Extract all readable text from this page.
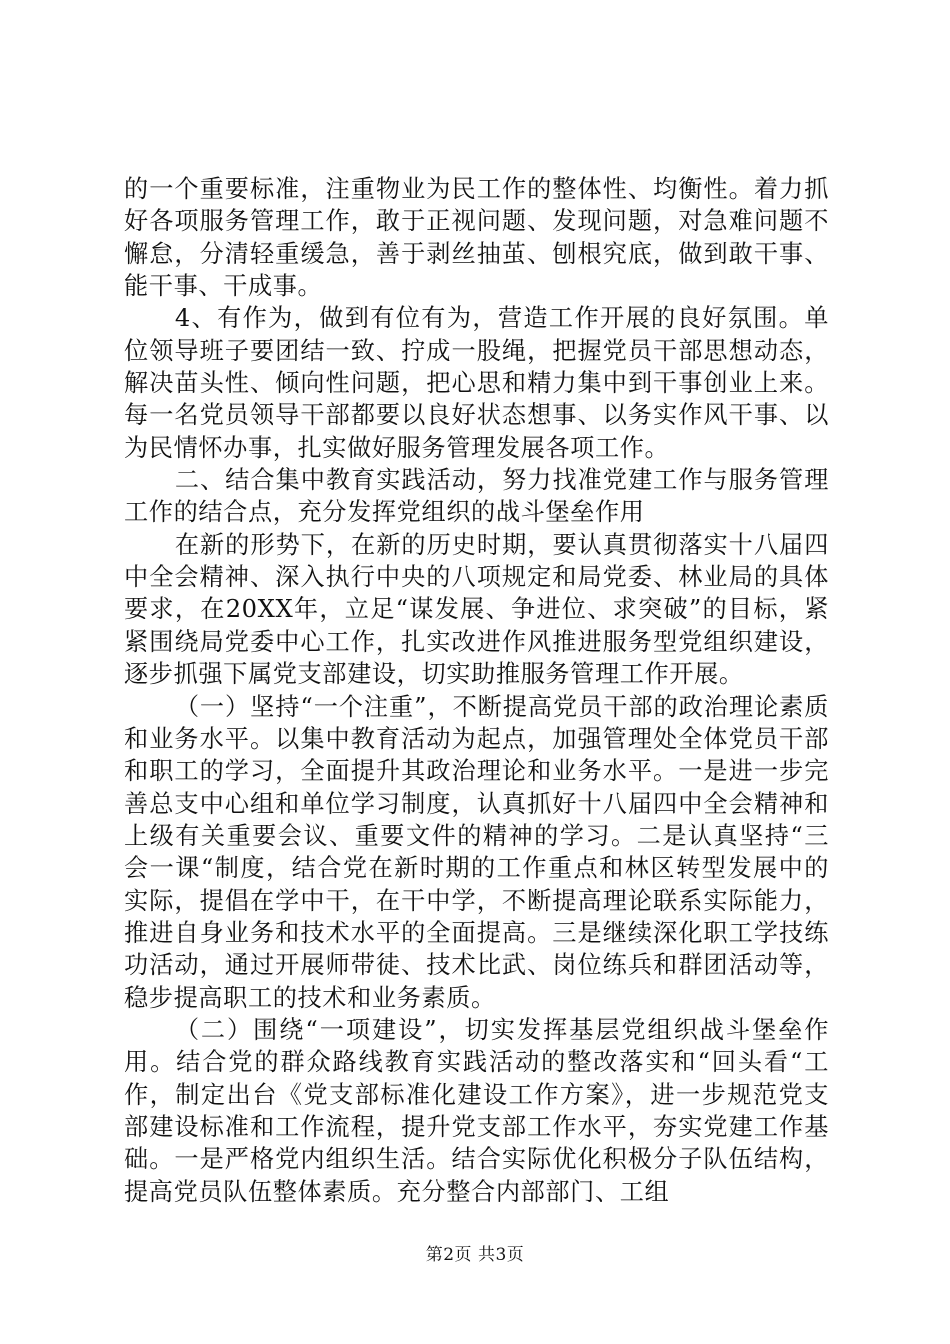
的一个重要标准，注重物业为民工作的整体性、均衡性。着力抓好各项服务管理工作，敢于正视问题、发现问题，对急难问题不懈怠，分清轻重缓急，善于剥丝抽茧、刨根究底，做到敢干事、能干事、干成事。

4、有作为，做到有位有为，营造工作开展的良好氛围。单位领导班子要团结一致、拧成一股绳，把握党员干部思想动态，解决苗头性、倾向性问题，把心思和精力集中到干事创业上来。每一名党员领导干部都要以良好状态想事、以务实作风干事、以为民情怀办事，扎实做好服务管理发展各项工作。

二、结合集中教育实践活动，努力找准党建工作与服务管理工作的结合点，充分发挥党组织的战斗堡垒作用

在新的形势下，在新的历史时期，要认真贯彻落实十八届四中全会精神、深入执行中央的八项规定和局党委、林业局的具体要求，在20XX年，立足“谋发展、争进位、求突破”的目标，紧紧围绕局党委中心工作，扎实改进作风推进服务型党组织建设，逐步抓强下属党支部建设，切实助推服务管理工作开展。

（一）坚持“一个注重”，不断提高党员干部的政治理论素质和业务水平。以集中教育活动为起点，加强管理处全体党员干部和职工的学习，全面提升其政治理论和业务水平。一是进一步完善总支中心组和单位学习制度，认真抓好十八届四中全会精神和上级有关重要会议、重要文件的精神的学习。二是认真坚持“三会一课“制度，结合党在新时期的工作重点和林区转型发展中的实际，提倡在学中干，在干中学，不断提高理论联系实际能力，推进自身业务和技术水平的全面提高。三是继续深化职工学技练功活动，通过开展师带徒、技术比武、岗位练兵和群团活动等，稳步提高职工的技术和业务素质。

（二）围绕“一项建设”，切实发挥基层党组织战斗堡垒作用。结合党的群众路线教育实践活动的整改落实和“回头看“工作，制定出台《党支部标准化建设工作方案》，进一步规范党支部建设标准和工作流程，提升党支部工作水平，夯实党建工作基础。一是严格党内组织生活。结合实际优化积极分子队伍结构，提高党员队伍整体素质。充分整合内部部门、工组

第2页 共3页
